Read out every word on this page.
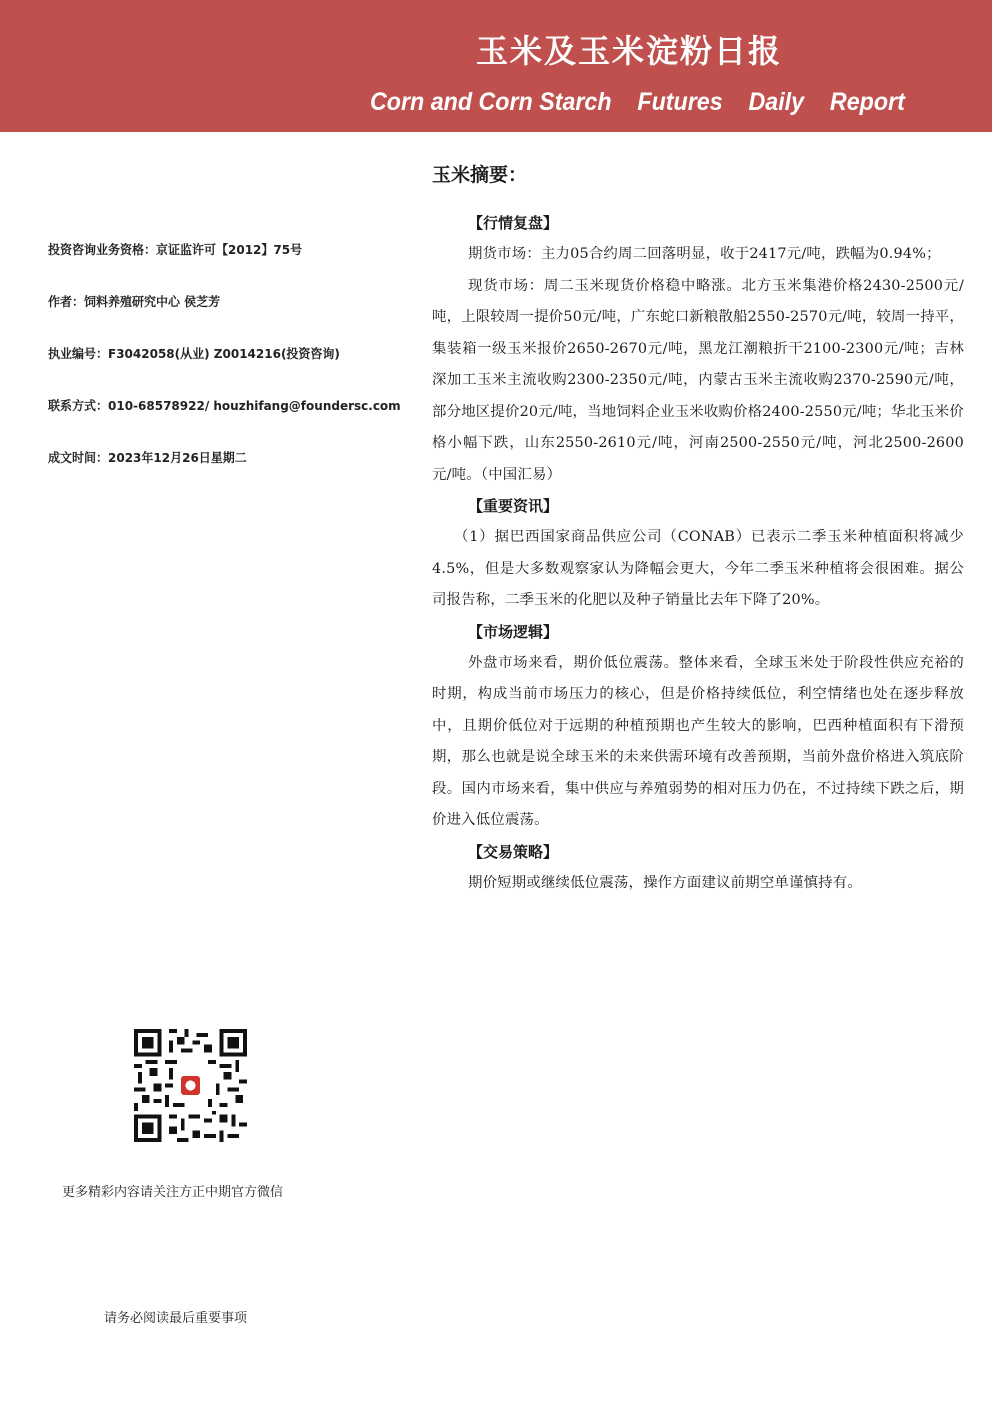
玉米及玉米淀粉日报
Corn and Corn Starch    Futures    Daily    Report
投资咨询业务资格：京证监许可【2012】75号
作者：饲料养殖研究中心 侯芝芳
执业编号：F3042058(从业) Z0014216(投资咨询)
联系方式：010-68578922/ houzhifang@foundersc.com
成文时间：2023年12月26日星期二
更多精彩内容请关注方正中期官方微信
请务必阅读最后重要事项
玉米摘要：
【行情复盘】

期货市场：主力05合约周二回落明显，收于2417元/吨，跌幅为0.94%；

现货市场：周二玉米现货价格稳中略涨。北方玉米集港价格2430-2500元/吨，上限较周一提价50元/吨，广东蛇口新粮散船2550-2570元/吨，较周一持平，集装箱一级玉米报价2650-2670元/吨，黑龙江潮粮折干2100-2300元/吨；吉林深加工玉米主流收购2300-2350元/吨，内蒙古玉米主流收购2370-2590元/吨，部分地区提价20元/吨，当地饲料企业玉米收购价格2400-2550元/吨；华北玉米价格小幅下跌，山东2550-2610元/吨，河南2500-2550元/吨，河北2500-2600元/吨。（中国汇易）

【重要资讯】

（1）据巴西国家商品供应公司（CONAB）已表示二季玉米种植面积将减少4.5%，但是大多数观察家认为降幅会更大，今年二季玉米种植将会很困难。据公司报告称，二季玉米的化肥以及种子销量比去年下降了20%。

【市场逻辑】

外盘市场来看，期价低位震荡。整体来看，全球玉米处于阶段性供应充裕的时期，构成当前市场压力的核心，但是价格持续低位，利空情绪也处在逐步释放中，且期价低位对于远期的种植预期也产生较大的影响，巴西种植面积有下滑预期，那么也就是说全球玉米的未来供需环境有改善预期，当前外盘价格进入筑底阶段。国内市场来看，集中供应与养殖弱势的相对压力仍在，不过持续下跌之后，期价进入低位震荡。

【交易策略】

期价短期或继续低位震荡，操作方面建议前期空单谨慎持有。
